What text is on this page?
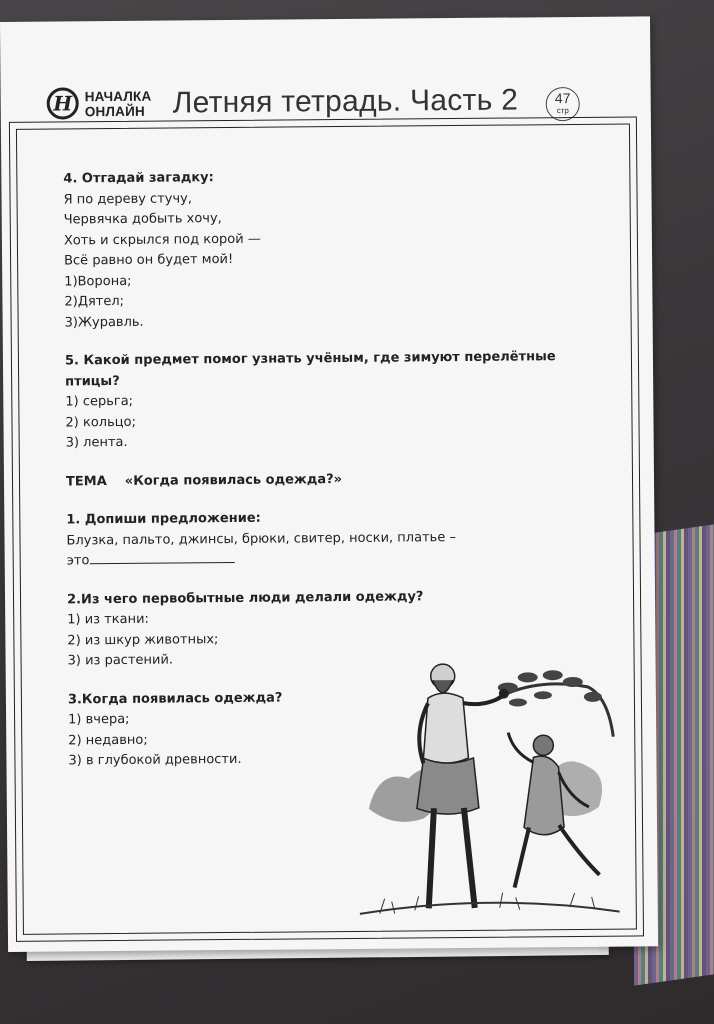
Н НАЧАЛКА
ОНЛАЙН Летняя тетрадь. Часть 2	47
стр
4. Отгадай загадку:
Я по дереву стучу,
Червячка добыть хочу,
Хоть и скрылся под корой —
Всё равно он будет мой!
1)Ворона;
2)Дятел;
3)Журавль.
5. Какой предмет помог узнать учёным, где зимуют перелётные
птицы?
1) серьга;
2) кольцо;
3) лента.
ТЕМА «Когда появилась одежда?»
1. Допиши предложение:
Блузка, пальто, джинсы, брюки, свитер, носки, платье –
это
2.Из чего первобытные люди делали одежду?
1) из ткани:
2) из шкур животных;
3) из растений.
3.Когда появилась одежда?
1) вчера;
2) недавно;
3) в глубокой древности.
